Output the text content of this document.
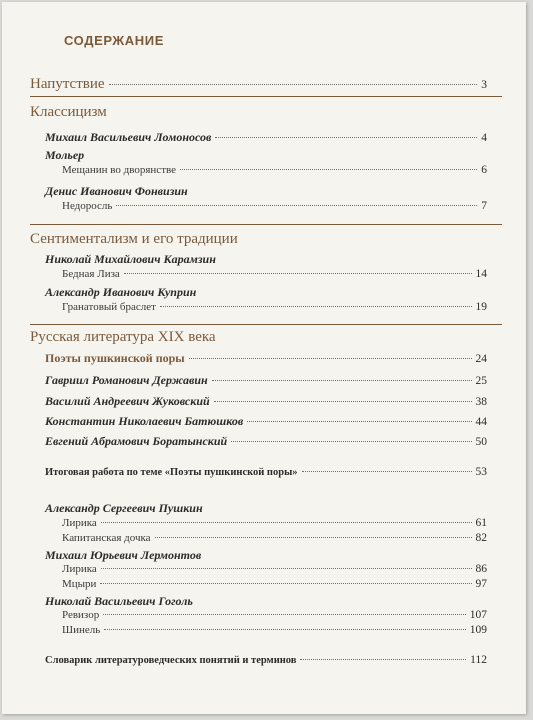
СОДЕРЖАНИЕ
Напутствие	3
Классицизм
Михаил Васильевич Ломоносов	4
Мольер
Мещанин во дворянстве	6
Денис Иванович Фонвизин
Недоросль	7
Сентиментализм и его традиции
Николай Михайлович Карамзин
Бедная Лиза	14
Александр Иванович Куприн
Гранатовый браслет	19
Русская литература XIX века
Поэты пушкинской поры	24
Гавриил Романович Державин	25
Василий Андреевич Жуковский	38
Константин Николаевич Батюшков	44
Евгений Абрамович Боратынский	50
Итоговая работа по теме «Поэты пушкинской поры»	53
Александр Сергеевич Пушкин
Лирика	61
Капитанская дочка	82
Михаил Юрьевич Лермонтов
Лирика	86
Мцыри	97
Николай Васильевич Гоголь
Ревизор	107
Шинель	109
Словарик литературоведческих понятий и терминов	112
